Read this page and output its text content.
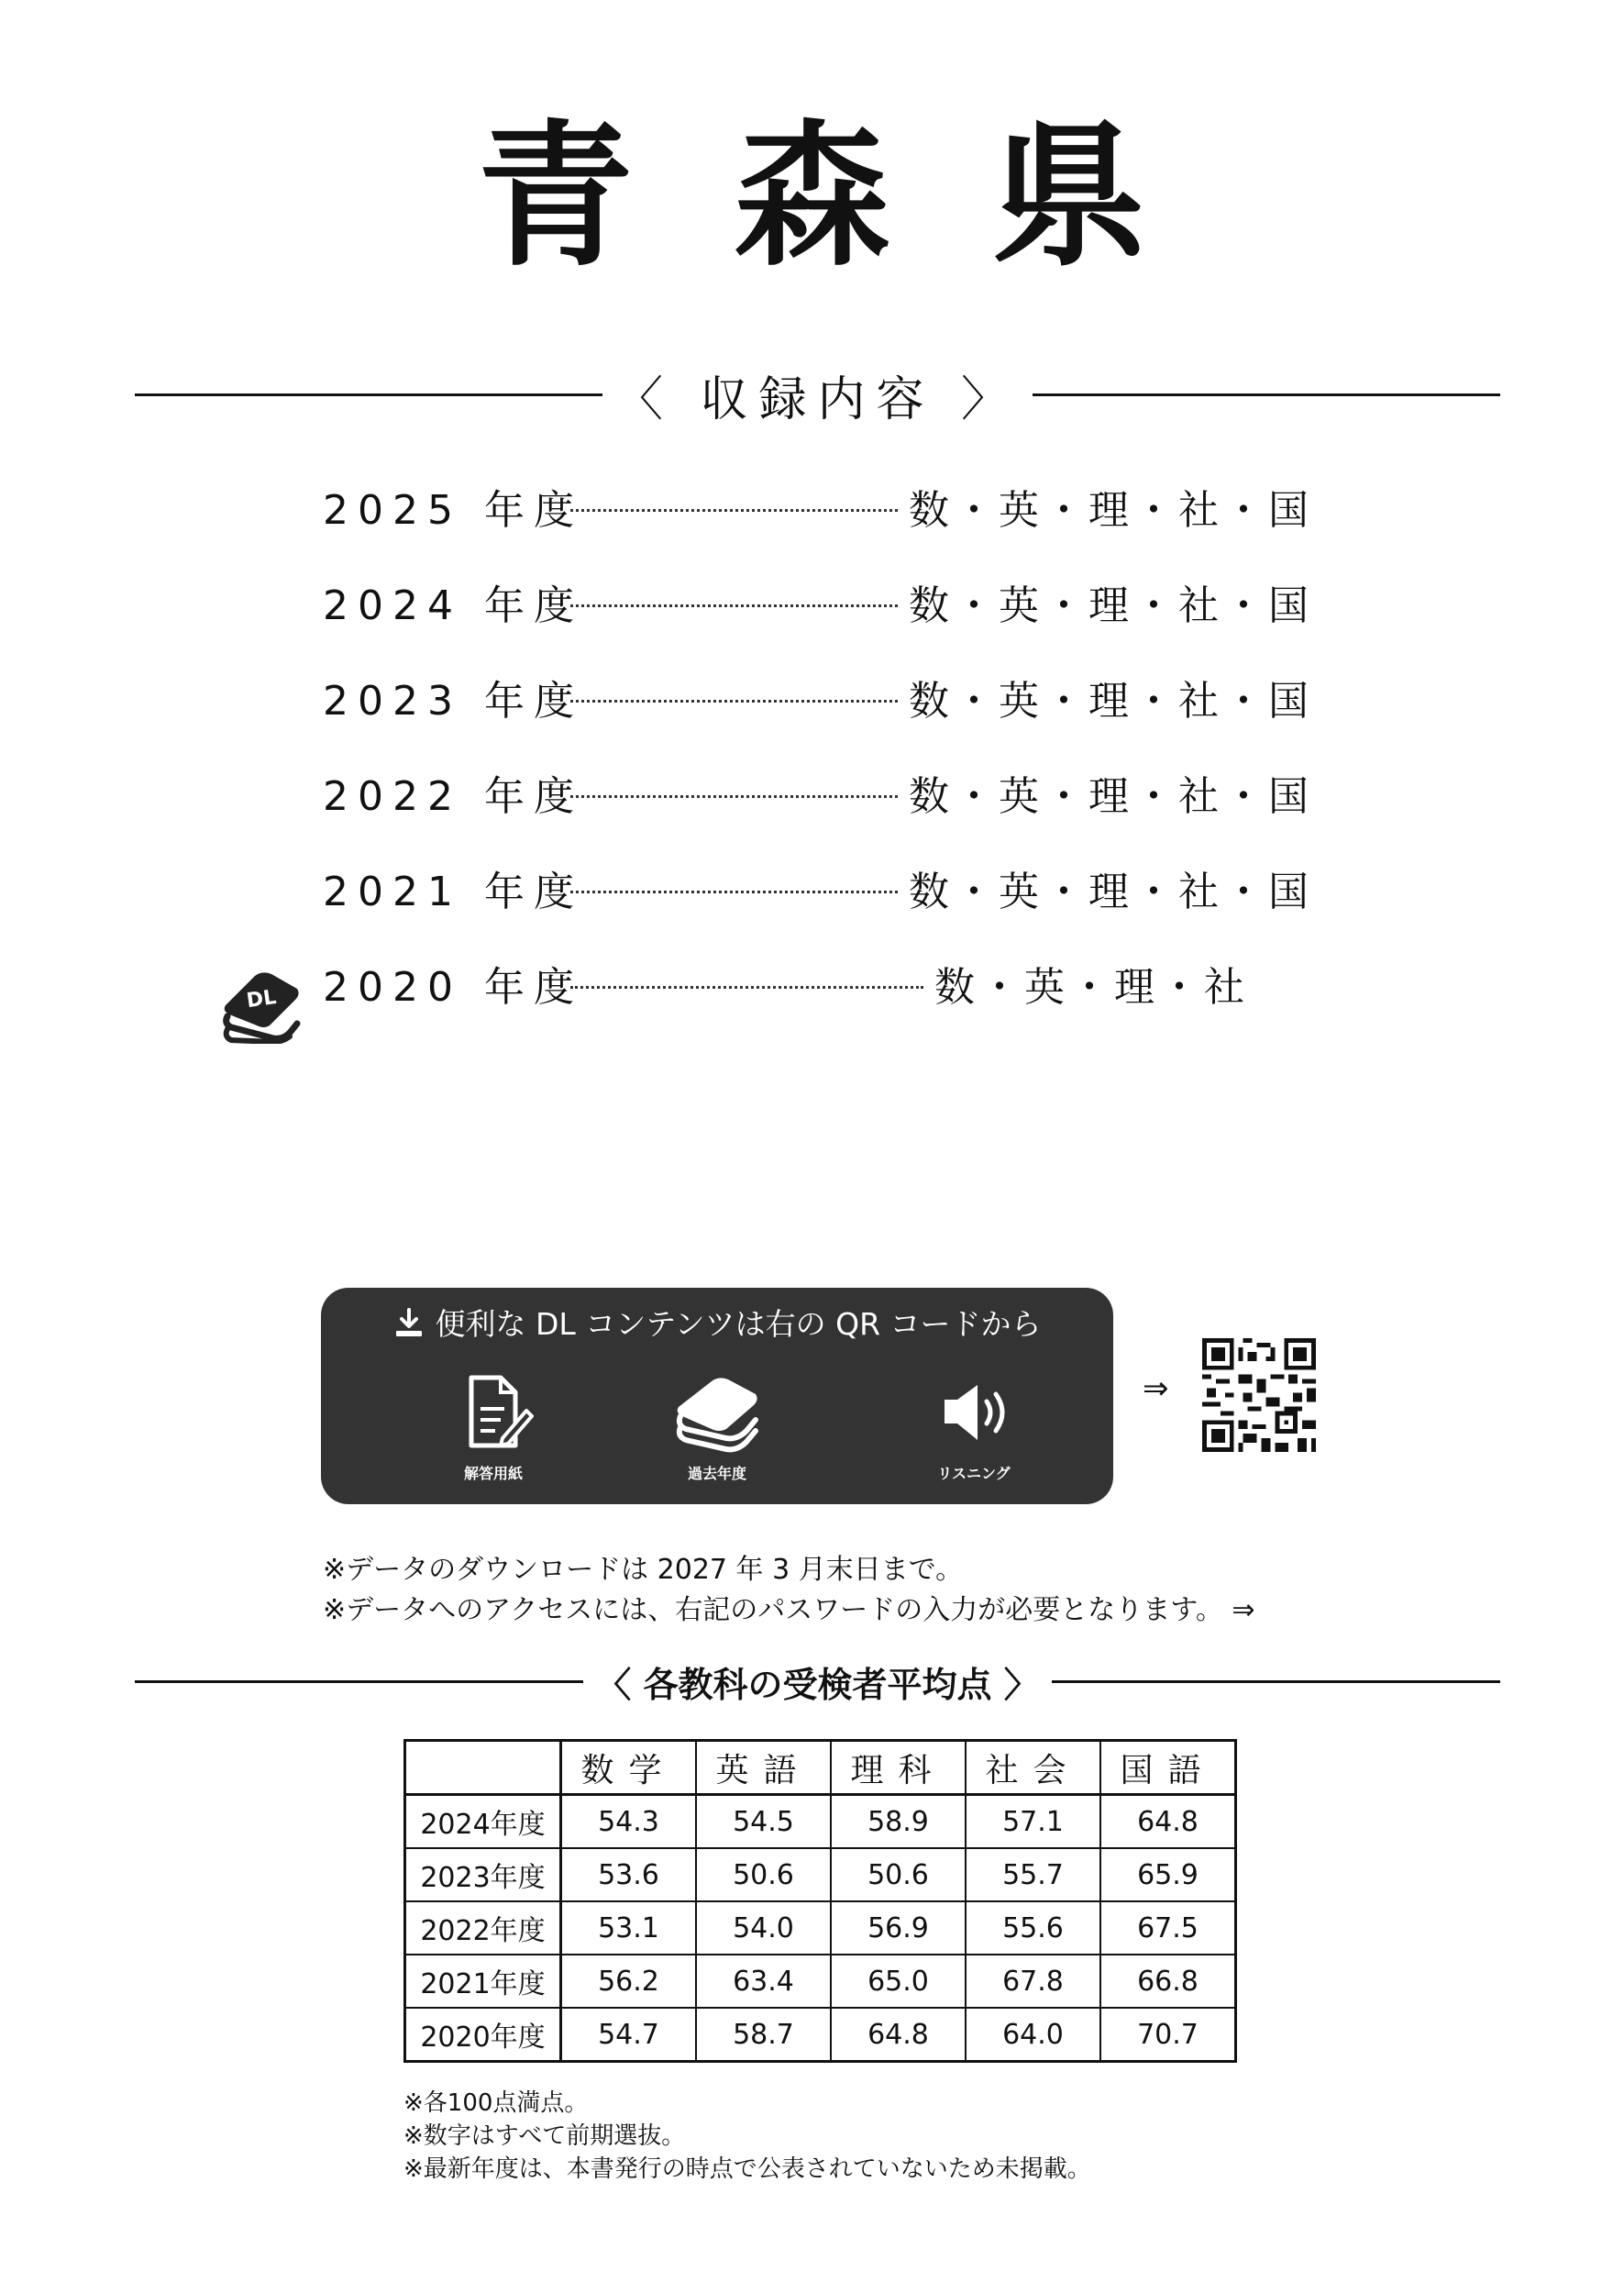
青森県
〈 収録内容 〉
2025 年度	数・英・理・社・国
2024 年度	数・英・理・社・国
2023 年度	数・英・理・社・国
2022 年度	数・英・理・社・国
2021 年度	数・英・理・社・国
2020 年度	数・英・理・社
DL
便利な DL コンテンツは右の QR コードから
解答用紙	過去年度	リスニング
⇒
※データのダウンロードは 2027 年 3 月末日まで。
※データへのアクセスには、右記のパスワードの入力が必要となります。 ⇒
〈 各教科の受検者平均点 〉
	数学	英語	理科	社会	国語
2024年度	54.3	54.5	58.9	57.1	64.8
2023年度	53.6	50.6	50.6	55.7	65.9
2022年度	53.1	54.0	56.9	55.6	67.5
2021年度	56.2	63.4	65.0	67.8	66.8
2020年度	54.7	58.7	64.8	64.0	70.7
※各100点満点。
※数字はすべて前期選抜。
※最新年度は、本書発行の時点で公表されていないため未掲載。
